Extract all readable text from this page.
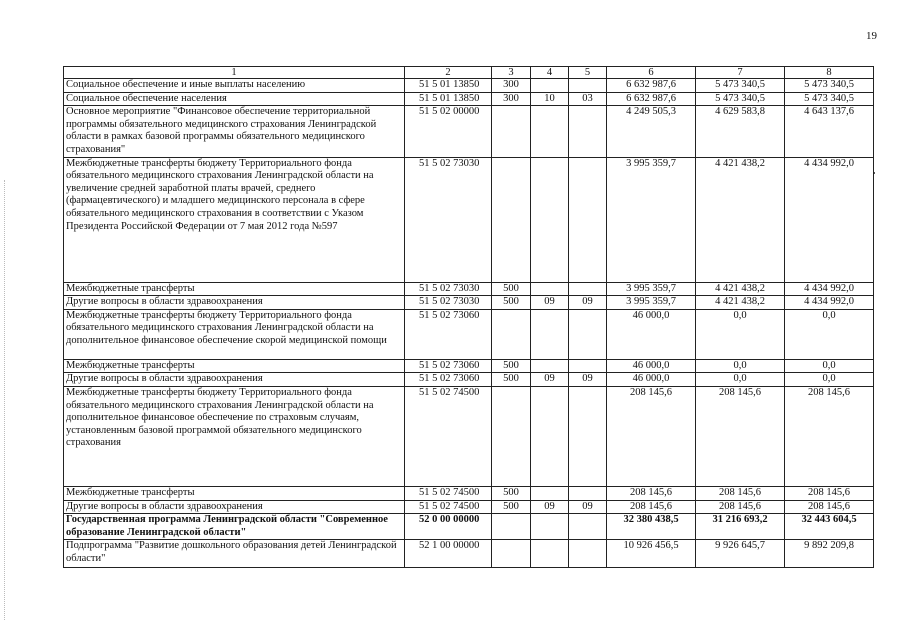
19
1	2	3	4	5	6	7	8
Социальное обеспечение и иные выплаты населению	51 5 01 13850	300			6 632 987,6	5 473 340,5	5 473 340,5
Социальное обеспечение населения	51 5 01 13850	300	10	03	6 632 987,6	5 473 340,5	5 473 340,5
Основное мероприятие "Финансовое обеспечение территориальной программы обязательного медицинского страхования Ленинградской области в рамках базовой программы обязательного медицинского страхования"	51 5 02 00000				4 249 505,3	4 629 583,8	4 643 137,6
Межбюджетные трансферты бюджету Территориального фонда обязательного медицинского страхования Ленинградской области на увеличение средней заработной платы врачей, среднего (фармацевтического) и младшего медицинского персонала в сфере обязательного медицинского страхования в соответствии с Указом Президента Российской Федерации от 7 мая 2012 года №597	51 5 02 73030				3 995 359,7	4 421 438,2	4 434 992,0
Межбюджетные трансферты	51 5 02 73030	500			3 995 359,7	4 421 438,2	4 434 992,0
Другие вопросы в области здравоохранения	51 5 02 73030	500	09	09	3 995 359,7	4 421 438,2	4 434 992,0
Межбюджетные трансферты бюджету Территориального фонда обязательного медицинского страхования Ленинградской области на дополнительное финансовое обеспечение скорой медицинской помощи	51 5 02 73060				46 000,0	0,0	0,0
Межбюджетные трансферты	51 5 02 73060	500			46 000,0	0,0	0,0
Другие вопросы в области здравоохранения	51 5 02 73060	500	09	09	46 000,0	0,0	0,0
Межбюджетные трансферты бюджету Территориального фонда обязательного медицинского страхования Ленинградской области на дополнительное финансовое обеспечение по страховым случаям, установленным базовой программой обязательного медицинского страхования	51 5 02 74500				208 145,6	208 145,6	208 145,6
Межбюджетные трансферты	51 5 02 74500	500			208 145,6	208 145,6	208 145,6
Другие вопросы в области здравоохранения	51 5 02 74500	500	09	09	208 145,6	208 145,6	208 145,6
Государственная программа Ленинградской области "Современное образование Ленинградской области"	52 0 00 00000				32 380 438,5	31 216 693,2	32 443 604,5
Подпрограмма "Развитие дошкольного образования детей Ленинградской области"	52 1 00 00000				10 926 456,5	9 926 645,7	9 892 209,8
